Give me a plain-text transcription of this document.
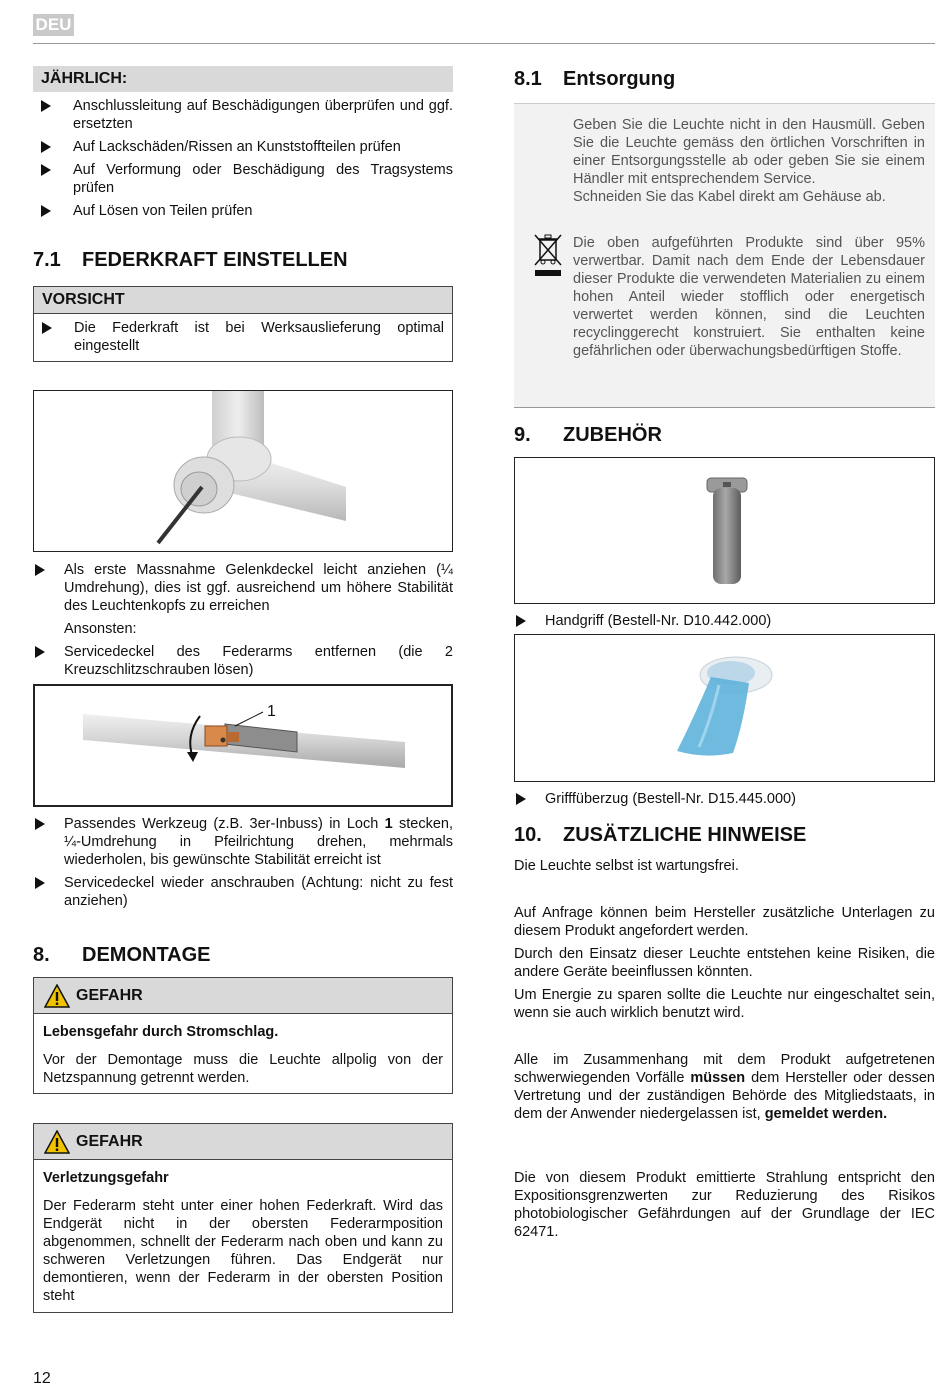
DEU
JÄHRLICH:
Anschlussleitung auf Beschädigungen überprüfen und ggf. ersetzten
Auf Lackschäden/Rissen an Kunststoffteilen prüfen
Auf Verformung oder Beschädigung des Tragsystems prüfen
Auf Lösen von Teilen prüfen
7.1 FEDERKRAFT EINSTELLEN
VORSICHT
Die Federkraft ist bei Werksauslieferung optimal eingestellt
Als erste Massnahme Gelenkdeckel leicht anziehen (¼ Umdrehung), dies ist ggf. ausreichend um höhere Stabilität des Leuchtenkopfs zu erreichen
Ansonsten:
Servicedeckel des Federarms entfernen (die 2 Kreuzschlitzschrauben lösen)
1
Passendes Werkzeug (z.B. 3er-Inbuss) in Loch 1 stecken, ¼-Umdrehung in Pfeilrichtung drehen, mehrmals wiederholen, bis gewünschte Stabilität erreicht ist
Servicedeckel wieder anschrauben (Achtung: nicht zu fest anziehen)
8. DEMONTAGE
GEFAHR
Lebensgefahr durch Stromschlag.
Vor der Demontage muss die Leuchte allpolig von der Netzspannung getrennt werden.
GEFAHR
Verletzungsgefahr
Der Federarm steht unter einer hohen Federkraft. Wird das Endgerät nicht in der obersten Federarmposition abgenommen, schnellt der Federarm nach oben und kann zu schweren Verletzungen führen. Das Endgerät nur demontieren, wenn der Federarm in der obersten Position steht
8.1 Entsorgung
Geben Sie die Leuchte nicht in den Hausmüll. Geben Sie die Leuchte gemäss den örtlichen Vorschriften in einer Entsorgungsstelle ab oder geben Sie sie einem Händler mit entsprechendem Service.
Schneiden Sie das Kabel direkt am Gehäuse ab.
Die oben aufgeführten Produkte sind über 95% verwertbar. Damit nach dem Ende der Lebensdauer dieser Produkte die verwendeten Materialien zu einem hohen Anteil wieder stofflich oder energetisch verwertet werden können, sind die Leuchten recyclinggerecht konstruiert. Sie enthalten keine gefährlichen oder überwachungsbedürftigen Stoffe.
9. ZUBEHÖR
Handgriff (Bestell-Nr. D10.442.000)
Grifffüberzug (Bestell-Nr. D15.445.000)
10. ZUSÄTZLICHE HINWEISE
Die Leuchte selbst ist wartungsfrei.
Auf Anfrage können beim Hersteller zusätzliche Unterlagen zu diesem Produkt angefordert werden.
Durch den Einsatz dieser Leuchte entstehen keine Risiken, die andere Geräte beeinflussen könnten.
Um Energie zu sparen sollte die Leuchte nur eingeschaltet sein, wenn sie auch wirklich benutzt wird.
Alle im Zusammenhang mit dem Produkt aufgetretenen schwerwiegenden Vorfälle müssen dem Hersteller oder dessen Vertretung und der zuständigen Behörde des Mitgliedstaats, in dem der Anwender niedergelassen ist, gemeldet werden.
Die von diesem Produkt emittierte Strahlung entspricht den Expositionsgrenzwerten zur Reduzierung des Risikos photobiologischer Gefährdungen auf der Grundlage der IEC 62471.
12
